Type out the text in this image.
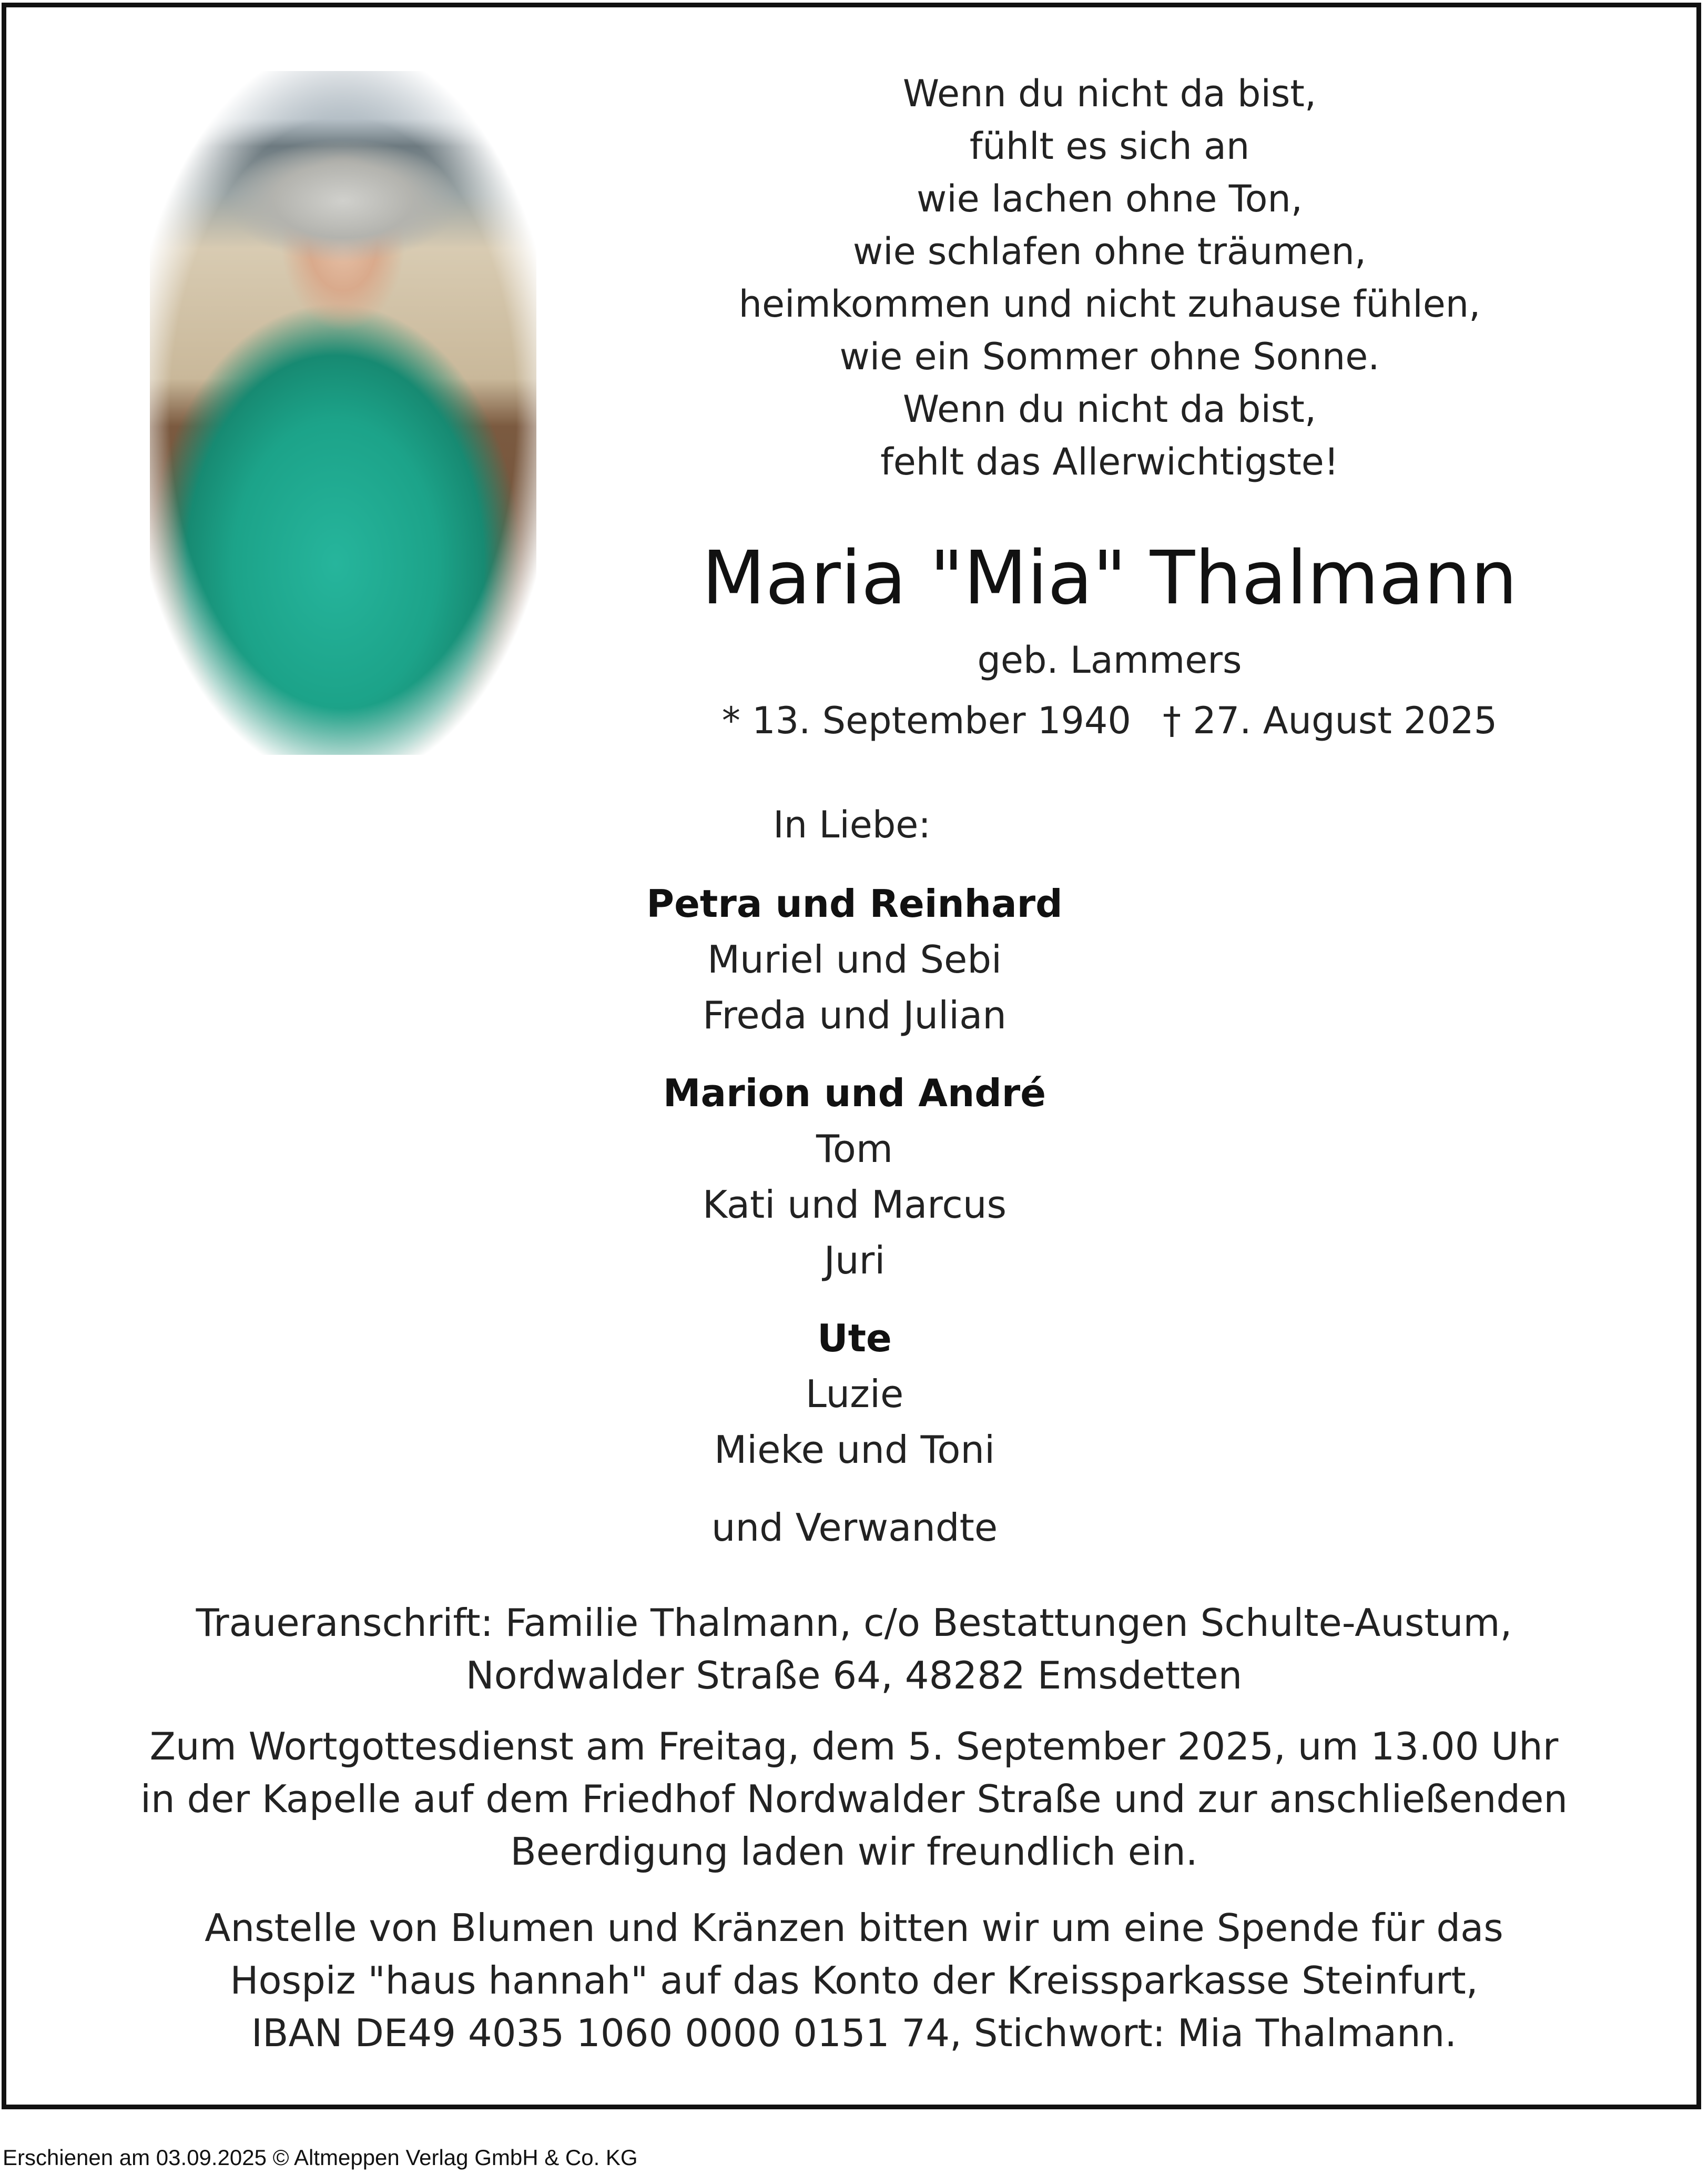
Wenn du nicht da bist,
fühlt es sich an
wie lachen ohne Ton,
wie schlafen ohne träumen,
heimkommen und nicht zuhause fühlen,
wie ein Sommer ohne Sonne.
Wenn du nicht da bist,
fehlt das Allerwichtigste!
Maria "Mia" Thalmann
geb. Lammers
* 13. September 1940 † 27. August 2025
In Liebe:
Petra und Reinhard
Muriel und Sebi
Freda und Julian
Marion und André
Tom
Kati und Marcus
Juri
Ute
Luzie
Mieke und Toni
und Verwandte
Traueranschrift: Familie Thalmann, c/o Bestattungen Schulte-Austum,
Nordwalder Straße 64, 48282 Emsdetten
Zum Wortgottesdienst am Freitag, dem 5. September 2025, um 13.00 Uhr
in der Kapelle auf dem Friedhof Nordwalder Straße und zur anschließenden
Beerdigung laden wir freundlich ein.
Anstelle von Blumen und Kränzen bitten wir um eine Spende für das
Hospiz "haus hannah" auf das Konto der Kreissparkasse Steinfurt,
IBAN DE49 4035 1060 0000 0151 74, Stichwort: Mia Thalmann.
Erschienen am 03.09.2025 © Altmeppen Verlag GmbH & Co. KG
